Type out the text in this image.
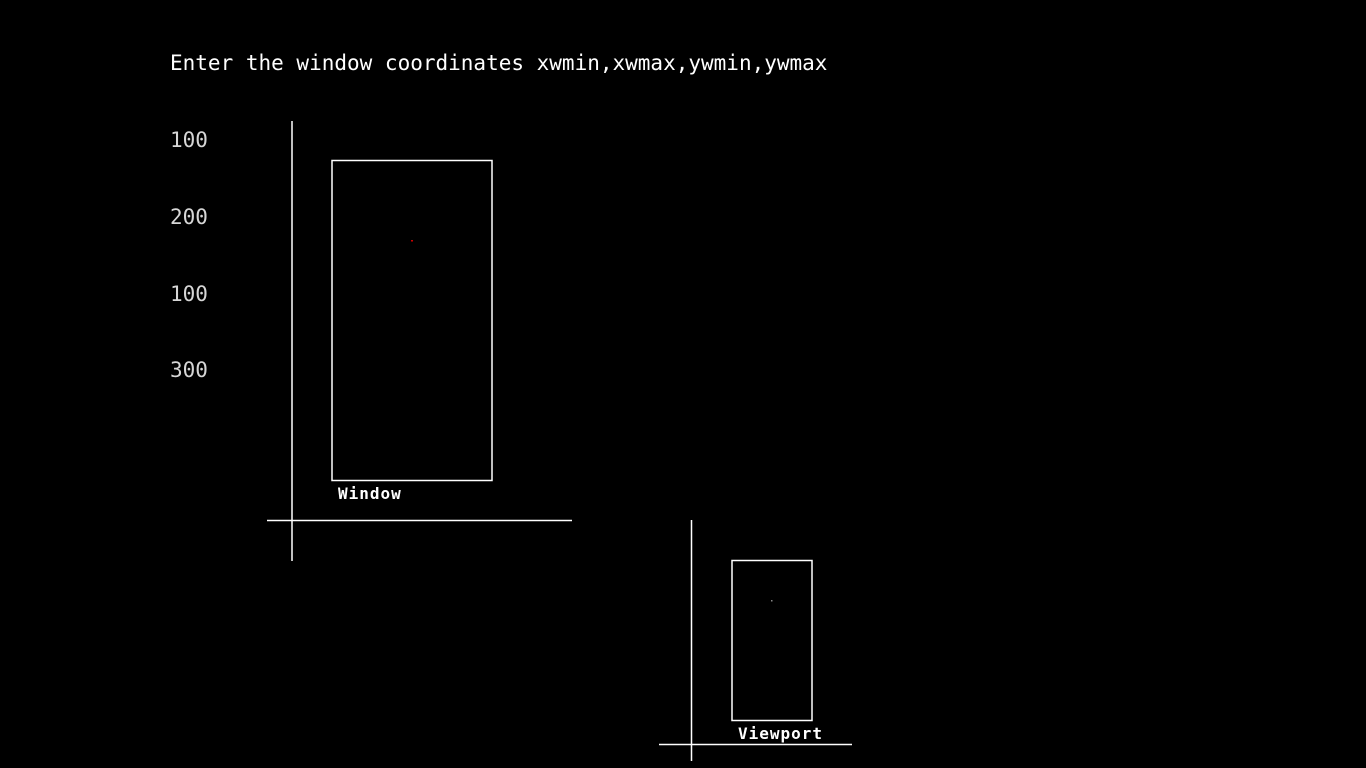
Enter the window coordinates xwmin,xwmax,ywmin,ywmax

100

200

100

300

Window
Viewport
